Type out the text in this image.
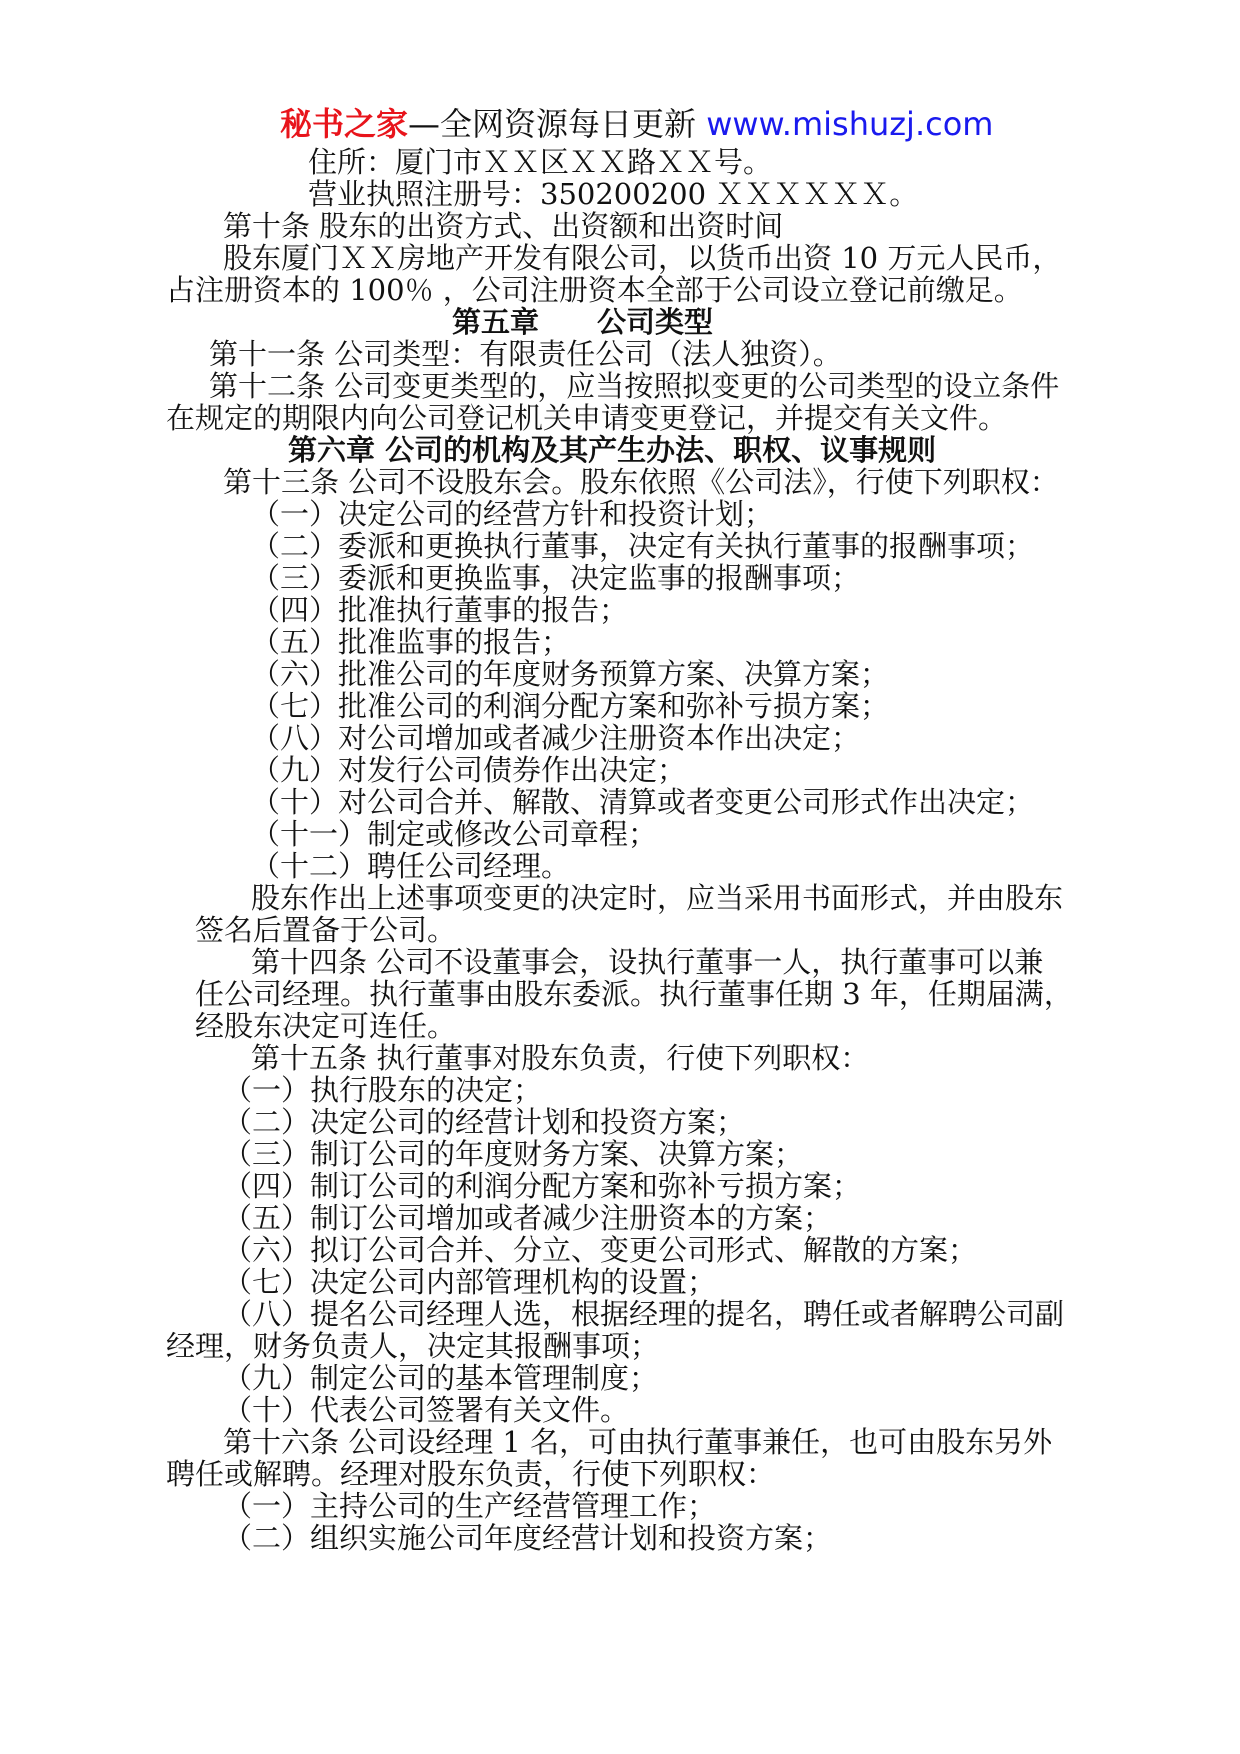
秘书之家—全网资源每日更新 www.mishuzj.com
住所：厦门市ＸＸ区ＸＸ路ＸＸ号。
营业执照注册号：350200200 ＸＸＸＸＸＸ。
第十条 股东的出资方式、出资额和出资时间
股东厦门ＸＸ房地产开发有限公司，以货币出资 10 万元人民币，
占注册资本的 100％ ，公司注册资本全部于公司设立登记前缴足。
第五章　　公司类型
第十一条 公司类型：有限责任公司（法人独资）。
第十二条 公司变更类型的，应当按照拟变更的公司类型的设立条件
在规定的期限内向公司登记机关申请变更登记，并提交有关文件。
第六章 公司的机构及其产生办法、职权、议事规则
第十三条 公司不设股东会。股东依照《公司法》，行使下列职权：
（一）决定公司的经营方针和投资计划；
（二）委派和更换执行董事，决定有关执行董事的报酬事项；
（三）委派和更换监事，决定监事的报酬事项；
（四）批准执行董事的报告；
（五）批准监事的报告；
（六）批准公司的年度财务预算方案、决算方案；
（七）批准公司的利润分配方案和弥补亏损方案；
（八）对公司增加或者减少注册资本作出决定；
（九）对发行公司债券作出决定；
（十）对公司合并、解散、清算或者变更公司形式作出决定；
（十一）制定或修改公司章程；
（十二）聘任公司经理。
股东作出上述事项变更的决定时，应当采用书面形式，并由股东
签名后置备于公司。
第十四条 公司不设董事会，设执行董事一人，执行董事可以兼
任公司经理。执行董事由股东委派。执行董事任期 3 年，任期届满，
经股东决定可连任。
第十五条 执行董事对股东负责，行使下列职权：
（一）执行股东的决定；
（二）决定公司的经营计划和投资方案；
（三）制订公司的年度财务方案、决算方案；
（四）制订公司的利润分配方案和弥补亏损方案；
（五）制订公司增加或者减少注册资本的方案；
（六）拟订公司合并、分立、变更公司形式、解散的方案；
（七）决定公司内部管理机构的设置；
（八）提名公司经理人选，根据经理的提名，聘任或者解聘公司副
经理，财务负责人，决定其报酬事项；
（九）制定公司的基本管理制度；
（十）代表公司签署有关文件。
第十六条 公司设经理 1 名，可由执行董事兼任，也可由股东另外
聘任或解聘。经理对股东负责，行使下列职权：
（一）主持公司的生产经营管理工作；
（二）组织实施公司年度经营计划和投资方案；
